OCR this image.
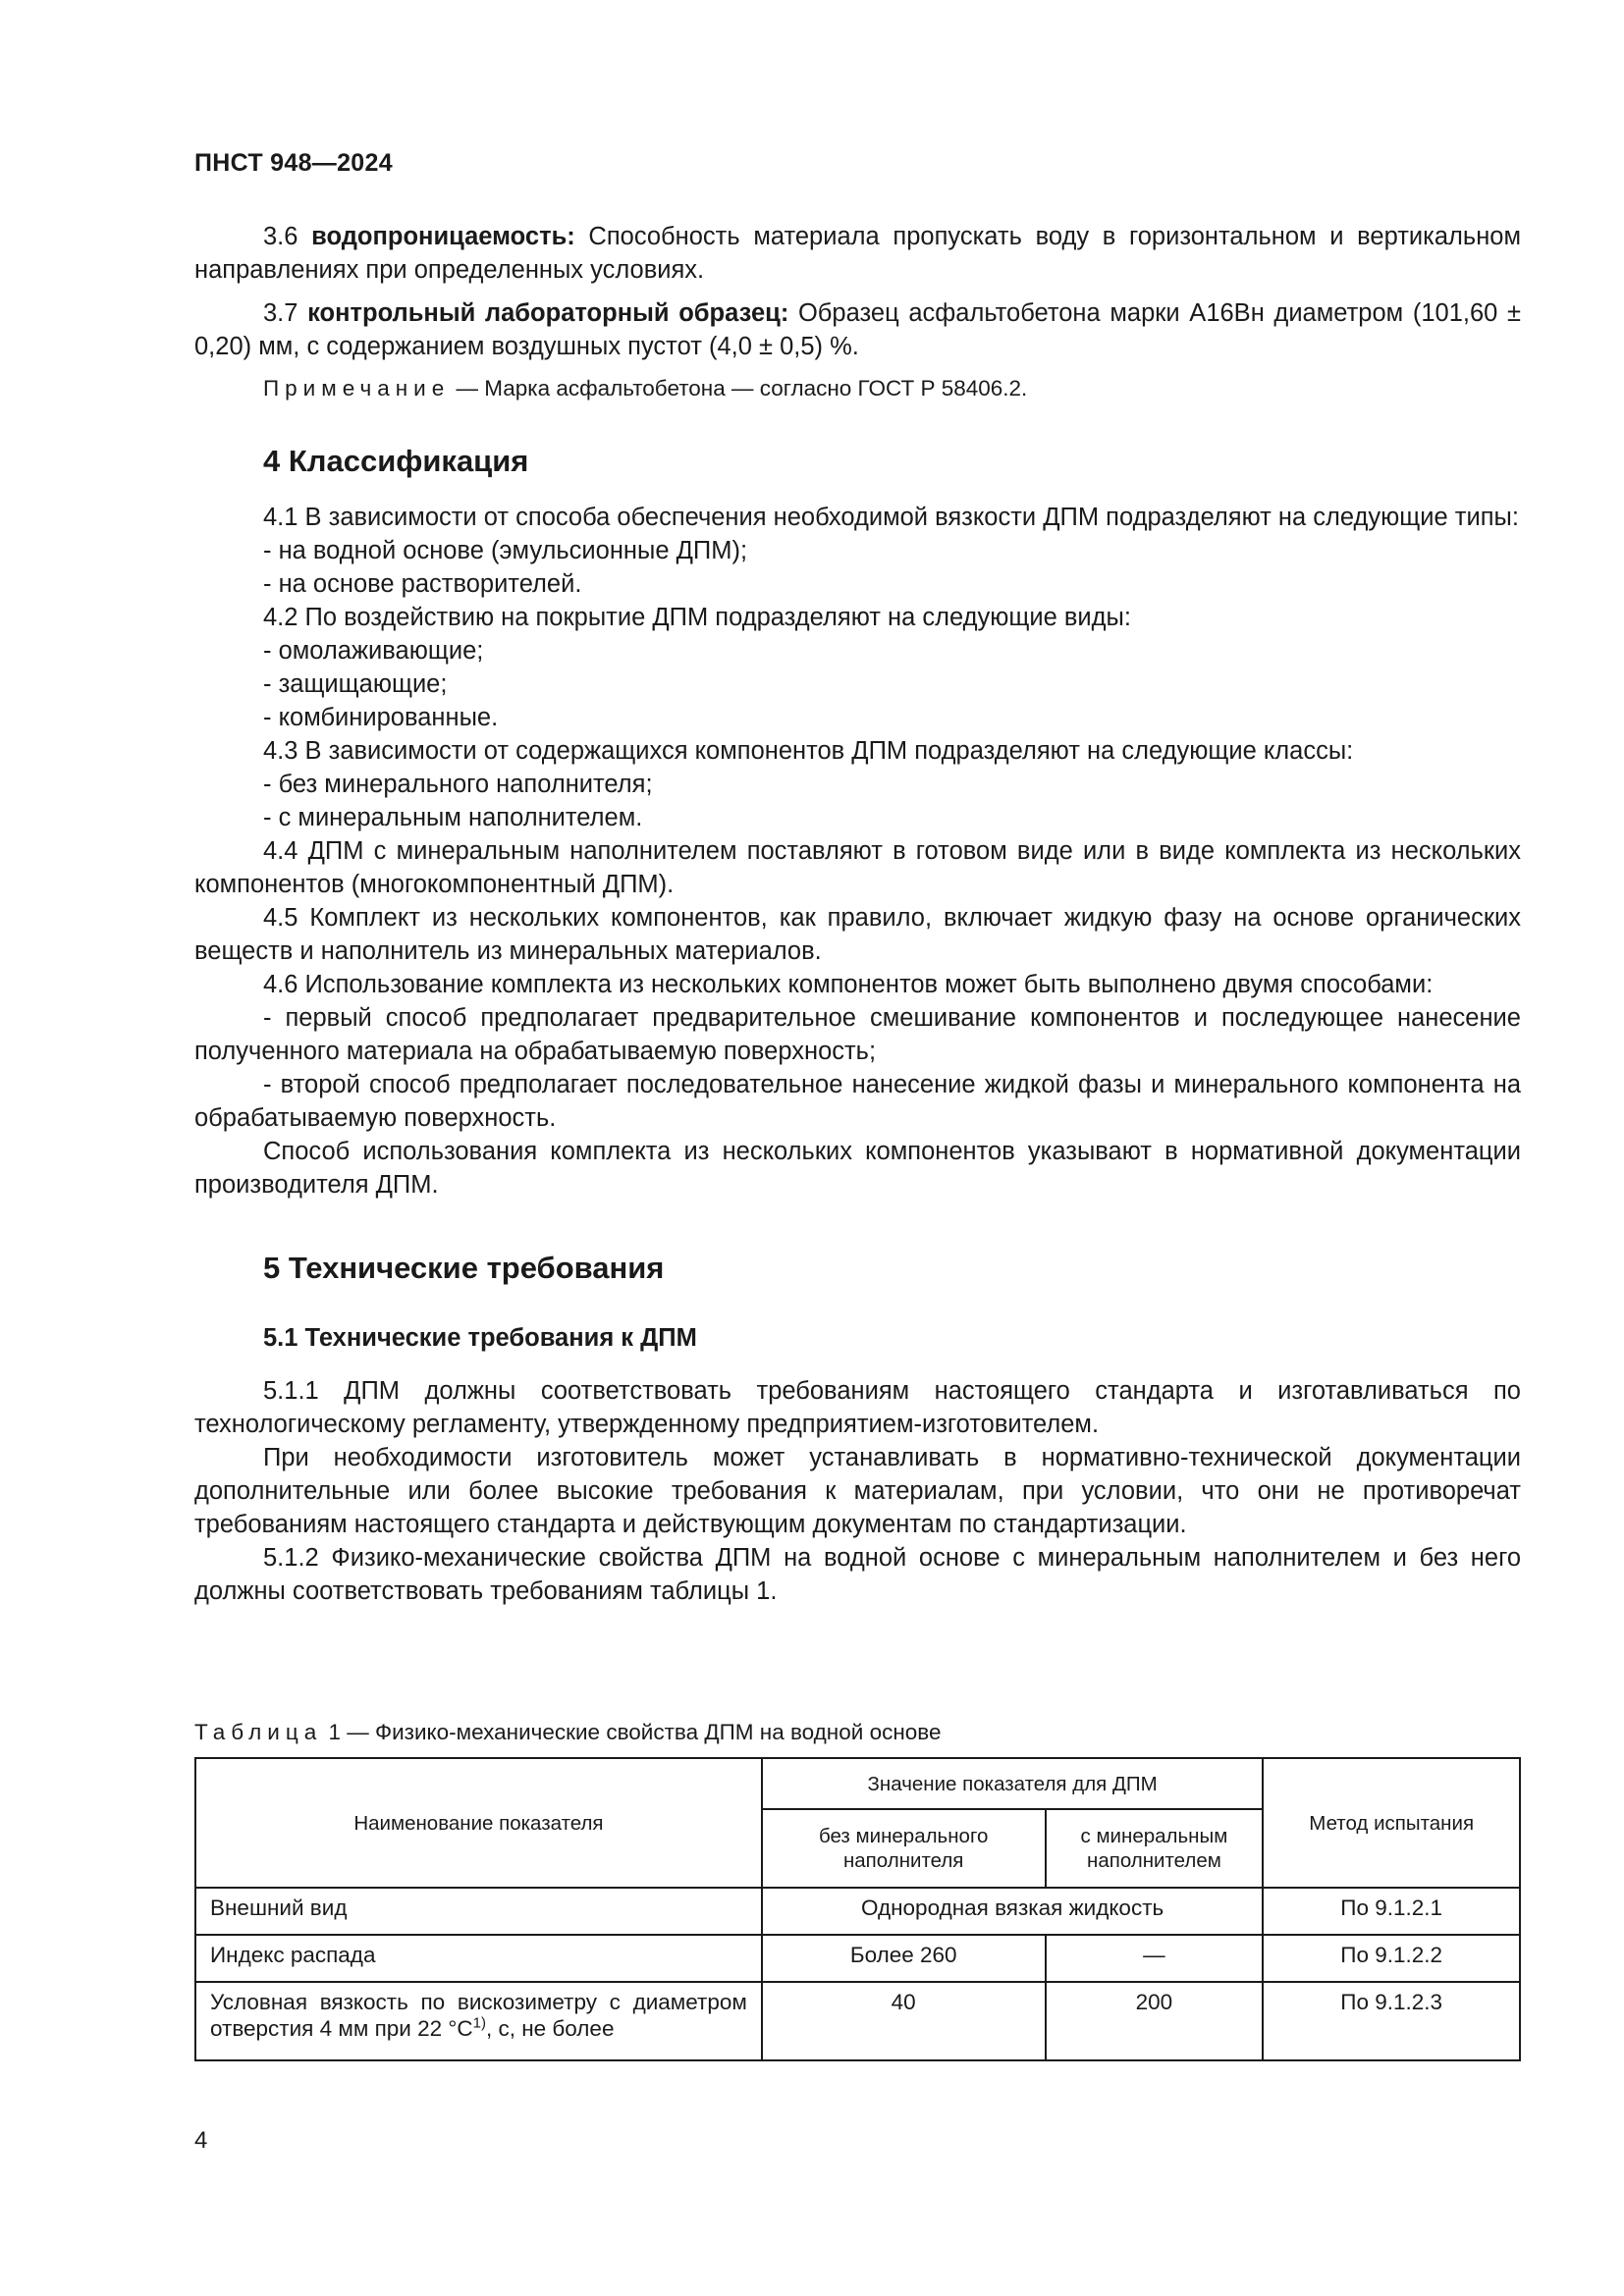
ПНСТ 948—2024

3.6 водопроницаемость: Способность материала пропускать воду в горизонтальном и вертикальном направлениях при определенных условиях.

3.7 контрольный лабораторный образец: Образец асфальтобетона марки А16Вн диаметром (101,60 ± 0,20) мм, с содержанием воздушных пустот (4,0 ± 0,5) %.

Примечание — Марка асфальтобетона — согласно ГОСТ Р 58406.2.

4 Классификация

4.1 В зависимости от способа обеспечения необходимой вязкости ДПМ подразделяют на следующие типы:

- на водной основе (эмульсионные ДПМ);
- на основе растворителей.

4.2 По воздействию на покрытие ДПМ подразделяют на следующие виды:

- омолаживающие;
- защищающие;
- комбинированные.

4.3 В зависимости от содержащихся компонентов ДПМ подразделяют на следующие классы:

- без минерального наполнителя;
- с минеральным наполнителем.

4.4 ДПМ с минеральным наполнителем поставляют в готовом виде или в виде комплекта из нескольких компонентов (многокомпонентный ДПМ).

4.5 Комплект из нескольких компонентов, как правило, включает жидкую фазу на основе органических веществ и наполнитель из минеральных материалов.

4.6 Использование комплекта из нескольких компонентов может быть выполнено двумя способами:

- первый способ предполагает предварительное смешивание компонентов и последующее нанесение полученного материала на обрабатываемую поверхность;

- второй способ предполагает последовательное нанесение жидкой фазы и минерального компонента на обрабатываемую поверхность.

Способ использования комплекта из нескольких компонентов указывают в нормативной документации производителя ДПМ.

5 Технические требования
5.1 Технические требования к ДПМ

5.1.1 ДПМ должны соответствовать требованиям настоящего стандарта и изготавливаться по технологическому регламенту, утвержденному предприятием-изготовителем.

При необходимости изготовитель может устанавливать в нормативно-технической документации дополнительные или более высокие требования к материалам, при условии, что они не противоречат требованиям настоящего стандарта и действующим документам по стандартизации.

5.1.2 Физико-механические свойства ДПМ на водной основе с минеральным наполнителем и без него должны соответствовать требованиям таблицы 1.

Таблица 1 — Физико-механические свойства ДПМ на водной основе
Наименование показателя	Значение показателя для ДПМ		Метод испытания
	без минерального наполнителя	с минеральным наполнителем	
Внешний вид	Однородная вязкая жидкость		По 9.1.2.1
Индекс распада	Более 260	—	По 9.1.2.2
Условная вязкость по вискозиметру с диаметром отверстия 4 мм при 22 $^\circ С^{1)}$, с, не более	40	200	По 9.1.2.3
4
